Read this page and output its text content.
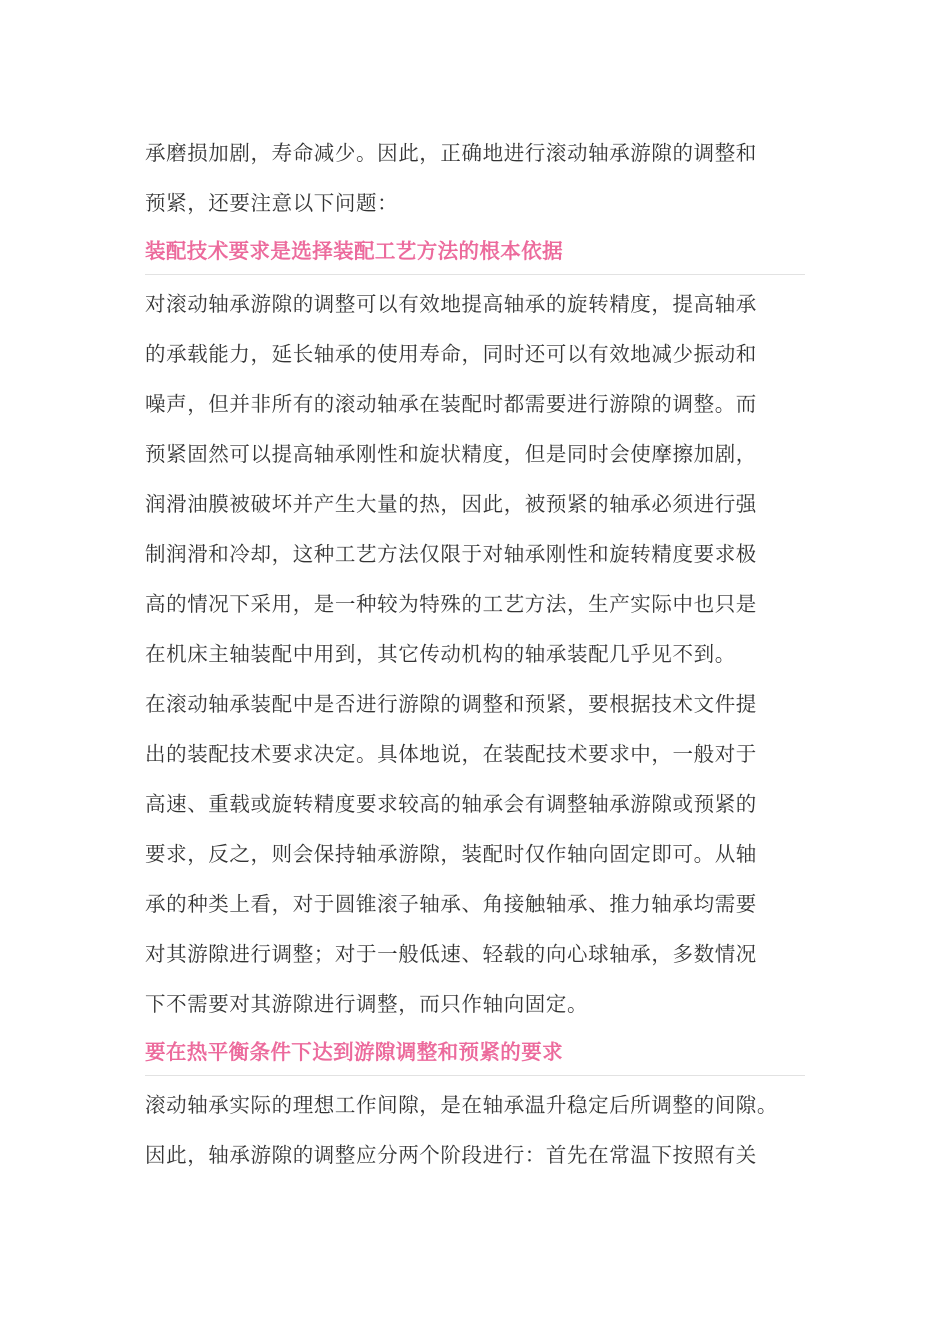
承磨损加剧，寿命减少。因此，正确地进行滚动轴承游隙的调整和
预紧，还要注意以下问题：
装配技术要求是选择装配工艺方法的根本依据
对滚动轴承游隙的调整可以有效地提高轴承的旋转精度，提高轴承
的承载能力，延长轴承的使用寿命，同时还可以有效地减少振动和
噪声，但并非所有的滚动轴承在装配时都需要进行游隙的调整。而
预紧固然可以提高轴承刚性和旋状精度，但是同时会使摩擦加剧，
润滑油膜被破坏并产生大量的热，因此，被预紧的轴承必须进行强
制润滑和冷却，这种工艺方法仅限于对轴承刚性和旋转精度要求极
高的情况下采用，是一种较为特殊的工艺方法，生产实际中也只是
在机床主轴装配中用到，其它传动机构的轴承装配几乎见不到。
在滚动轴承装配中是否进行游隙的调整和预紧，要根据技术文件提
出的装配技术要求决定。具体地说，在装配技术要求中，一般对于
高速、重载或旋转精度要求较高的轴承会有调整轴承游隙或预紧的
要求，反之，则会保持轴承游隙，装配时仅作轴向固定即可。从轴
承的种类上看，对于圆锥滚子轴承、角接触轴承、推力轴承均需要
对其游隙进行调整；对于一般低速、轻载的向心球轴承，多数情况
下不需要对其游隙进行调整，而只作轴向固定。
要在热平衡条件下达到游隙调整和预紧的要求
滚动轴承实际的理想工作间隙，是在轴承温升稳定后所调整的间隙。
因此，轴承游隙的调整应分两个阶段进行：首先在常温下按照有关
